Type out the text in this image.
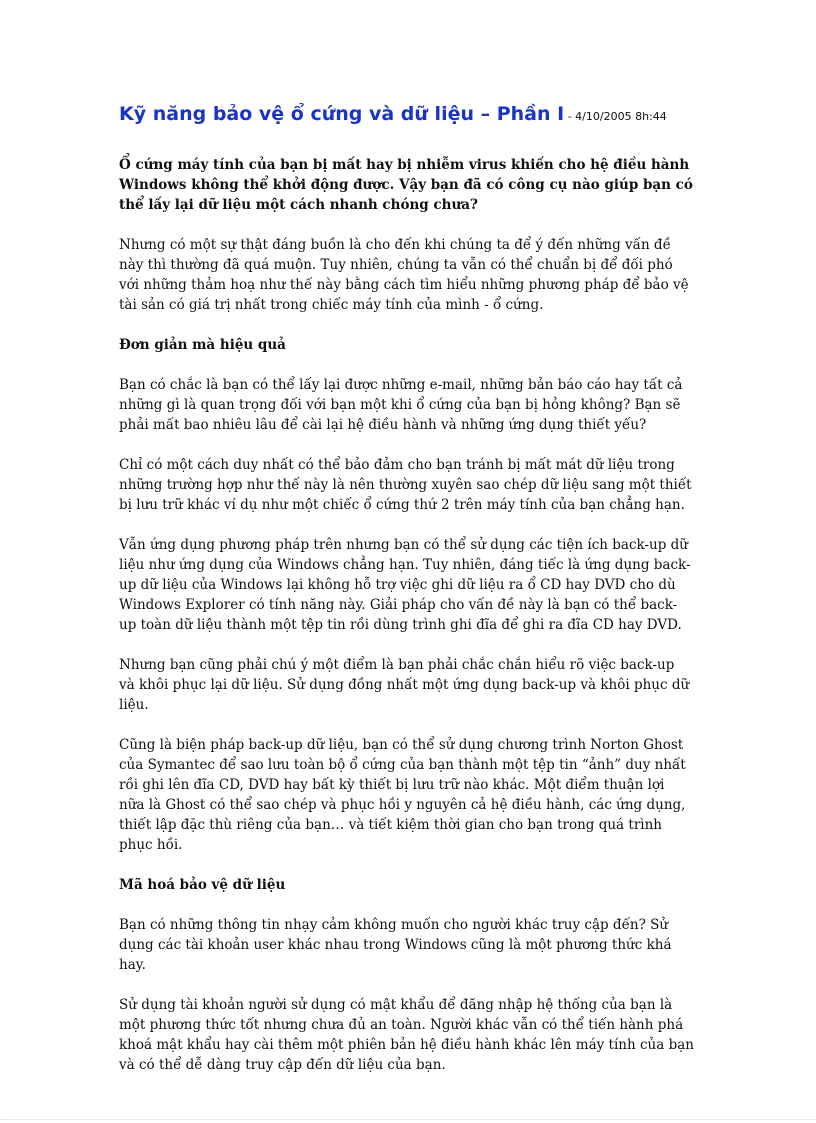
Kỹ năng bảo vệ ổ cứng và dữ liệu – Phần I - 4/10/2005 8h:44

Ổ cứng máy tính của bạn bị mất hay bị nhiễm virus khiến cho hệ điều hành Windows không thể khởi động được. Vậy bạn đã có công cụ nào giúp bạn có thể lấy lại dữ liệu một cách nhanh chóng chưa?

Nhưng có một sự thật đáng buồn là cho đến khi chúng ta để ý đến những vấn đề này thì thường đã quá muộn. Tuy nhiên, chúng ta vẫn có thể chuẩn bị để đối phó với những thảm hoạ như thế này bằng cách tìm hiểu những phương pháp để bảo vệ tài sản có giá trị nhất trong chiếc máy tính của mình - ổ cứng.

Đơn giản mà hiệu quả

Bạn có chắc là bạn có thể lấy lại được những e-mail, những bản báo cáo hay tất cả những gì là quan trọng đối với bạn một khi ổ cứng của bạn bị hỏng không? Bạn sẽ phải mất bao nhiêu lâu để cài lại hệ điều hành và những ứng dụng thiết yếu?

Chỉ có một cách duy nhất có thể bảo đảm cho bạn tránh bị mất mát dữ liệu trong những trường hợp như thế này là nên thường xuyên sao chép dữ liệu sang một thiết bị lưu trữ khác ví dụ như một chiếc ổ cứng thứ 2 trên máy tính của bạn chẳng hạn.

Vẫn ứng dụng phương pháp trên nhưng bạn có thể sử dụng các tiện ích back-up dữ liệu như ứng dụng của Windows chẳng hạn. Tuy nhiên, đáng tiếc là ứng dụng back-up dữ liệu của Windows lại không hỗ trợ việc ghi dữ liệu ra ổ CD hay DVD cho dù Windows Explorer có tính năng này. Giải pháp cho vấn đề này là bạn có thể back-up toàn dữ liệu thành một tệp tin rồi dùng trình ghi đĩa để ghi ra đĩa CD hay DVD.

Nhưng bạn cũng phải chú ý một điểm là bạn phải chắc chắn hiểu rõ việc back-up và khôi phục lại dữ liệu. Sử dụng đồng nhất một ứng dụng back-up và khôi phục dữ liệu.

Cũng là biện pháp back-up dữ liệu, bạn có thể sử dụng chương trình Norton Ghost của Symantec để sao lưu toàn bộ ổ cứng của bạn thành một tệp tin “ảnh” duy nhất rồi ghi lên đĩa CD, DVD hay bất kỳ thiết bị lưu trữ nào khác. Một điểm thuận lợi nữa là Ghost có thể sao chép và phục hồi y nguyên cả hệ điều hành, các ứng dụng, thiết lập đặc thù riêng của bạn… và tiết kiệm thời gian cho bạn trong quá trình phục hồi.

Mã hoá bảo vệ dữ liệu

Bạn có những thông tin nhạy cảm không muốn cho người khác truy cập đến? Sử dụng các tài khoản user khác nhau trong Windows cũng là một phương thức khá hay.

Sử dụng tài khoản người sử dụng có mật khẩu để đăng nhập hệ thống của bạn là một phương thức tốt nhưng chưa đủ an toàn. Người khác vẫn có thể tiến hành phá khoá mật khẩu hay cài thêm một phiên bản hệ điều hành khác lên máy tính của bạn và có thể dễ dàng truy cập đến dữ liệu của bạn.
